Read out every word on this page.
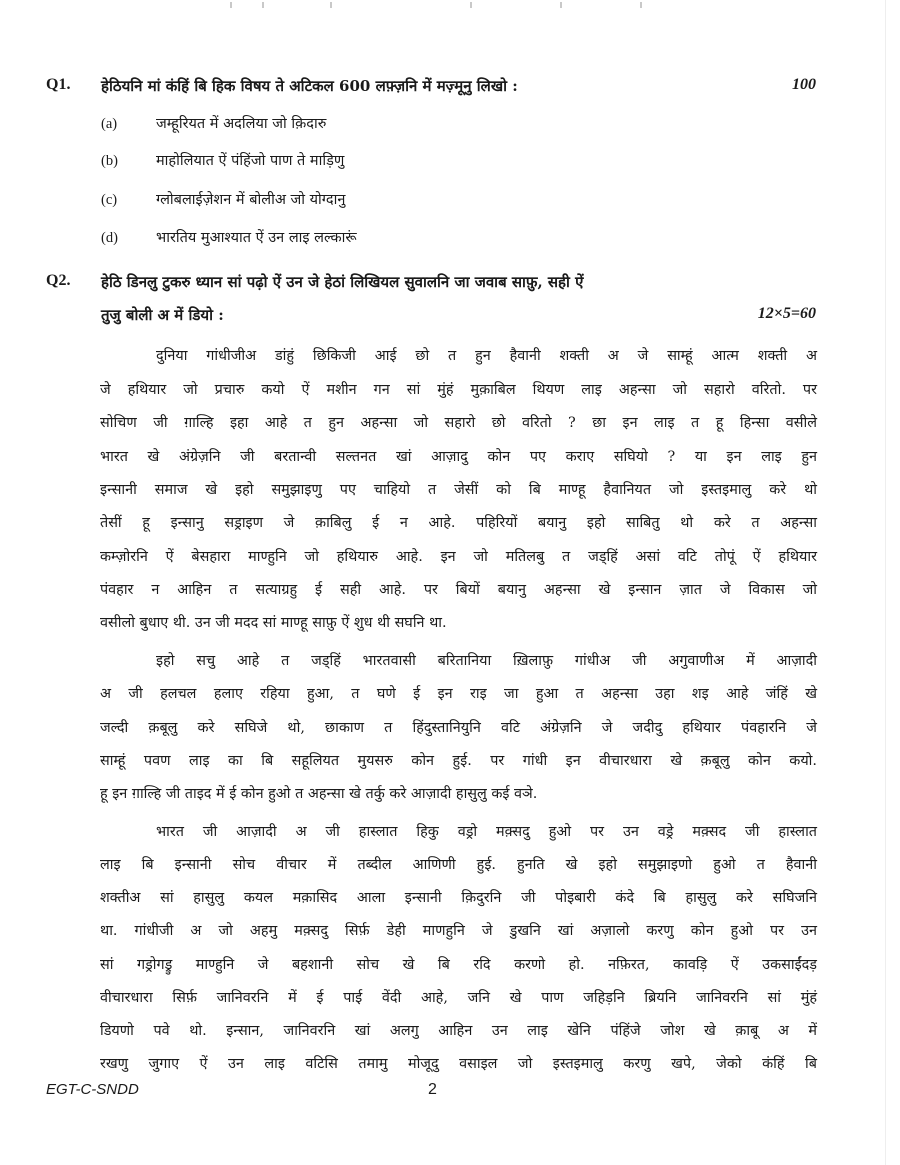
Q1. हेठियनि मां कंहिं बि हिक विषय ते अटिकल 600 लफ़्ज़नि में मज़्मूनु लिखो :	100
(a)	जम्हूरियत में अदलिया जो क़िदारु
(b)	माहोलियात ऐं पंहिंजो पाण ते माड़िणु
(c)	ग्लोबलाईज़ेशन में बोलीअ जो योग्दानु
(d)	भारतिय मुआश्यात ऐं उन लाइ लल्कारूं
Q2. हेठि डिनलु टुकरु ध्यान सां पढ़ो ऐं उन जे हेठां लिखियल सुवालनि जा जवाब साफ़ु, सही ऐं
तुजु बोली अ में डियो :	12×5=60
दुनिया गांधीजीअ डांहुं छिकिजी आई छो त हुन हैवानी शक्ती अ जे साम्हूं आत्म शक्ती अ
जे हथियार जो प्रचारु कयो ऐं मशीन गन सां मुंहं मुक़ाबिल थियण लाइ अहन्सा जो सहारो वरितो. पर
सोचिण जी ग़ाल्हि इहा आहे त हुन अहन्सा जो सहारो छो वरितो ? छा इन लाइ त हू हिन्सा वसीले
भारत खे अंग्रेज़नि जी बरतान्वी सल्तनत खां आज़ादु कोन पए कराए सघियो ? या इन लाइ हुन
इन्सानी समाज खे इहो समुझाइणु पए चाहियो त जेसीं को बि माण्हू हैवानियत जो इस्तइमालु करे थो
तेसीं हू इन्सानु सड्राइण जे क़ाबिलु ई न आहे. पहिरियों बयानु इहो साबितु थो करे त अहन्सा
कम्ज़ोरनि ऐं बेसहारा माण्हुनि जो हथियारु आहे. इन जो मतिलबु त जड्हिं असां वटि तोपूं ऐं हथियार
पंवहार न आहिन त सत्याग्रहु ई सही आहे. पर बियों बयानु अहन्सा खे इन्सान ज़ात जे विकास जो
वसीलो बुधाए थी. उन जी मदद सां माण्हू साफ़ु ऐं शुध थी सघनि था.
इहो सचु आहे त जड्हिं भारतवासी बरितानिया ख़िलाफ़ु गांधीअ जी अगुवाणीअ में आज़ादी
अ जी हलचल हलाए रहिया हुआ, त घणे ई इन राइ जा हुआ त अहन्सा उहा शइ आहे जंहिं खे
जल्दी क़बूलु करे सघिजे थो, छाकाण त हिंदुस्तानियुनि वटि अंग्रेज़नि जे जदीदु हथियार पंवहारनि जे
साम्हूं पवण लाइ का बि सहूलियत मुयसरु कोन हुई. पर गांधी इन वीचारधारा खे क़बूलु कोन कयो.
हू इन ग़ाल्हि जी ताइद में ई कोन हुओ त अहन्सा खे तर्कु करे आज़ादी हासुलु कई वञे.
भारत जी आज़ादी अ जी हास्लात हिकु वड्रो मक़्सदु हुओ पर उन वड्रे मक़्सद जी हास्लात
लाइ बि इन्सानी सोच वीचार में तब्दील आणिणी हुई. हुनति खे इहो समुझाइणो हुओ त हैवानी
शक्तीअ सां हासुलु कयल मक़ासिद आला इन्सानी क़िदुरनि जी पोइबारी कंदे बि हासुलु करे सघिजनि
था. गांधीजी अ जो अहमु मक़्सदु सिर्फ़ डेही माणहुनि जे डुखनि खां अज़ालो करणु कोन हुओ पर उन
सां गड्रोगड्रु माण्हुनि जे बहशानी सोच खे बि रदि करणो हो. नफ़िरत, कावड़ि ऐं उकसाईंदड़
वीचारधारा सिर्फ़ जानिवरनि में ई पाई वेंदी आहे, जनि खे पाण जहिड़नि ब्रियनि जानिवरनि सां मुंहं
डियणो पवे थो. इन्सान, जानिवरनि खां अलगु आहिन उन लाइ खेनि पंहिंजे जोश खे क़ाबू अ में
रखणु जुगाए ऐं उन लाइ वटिसि तमामु मोजूदु वसाइल जो इस्तइमालु करणु खपे, जेको कंहिं बि
EGT-C-SNDD	2
